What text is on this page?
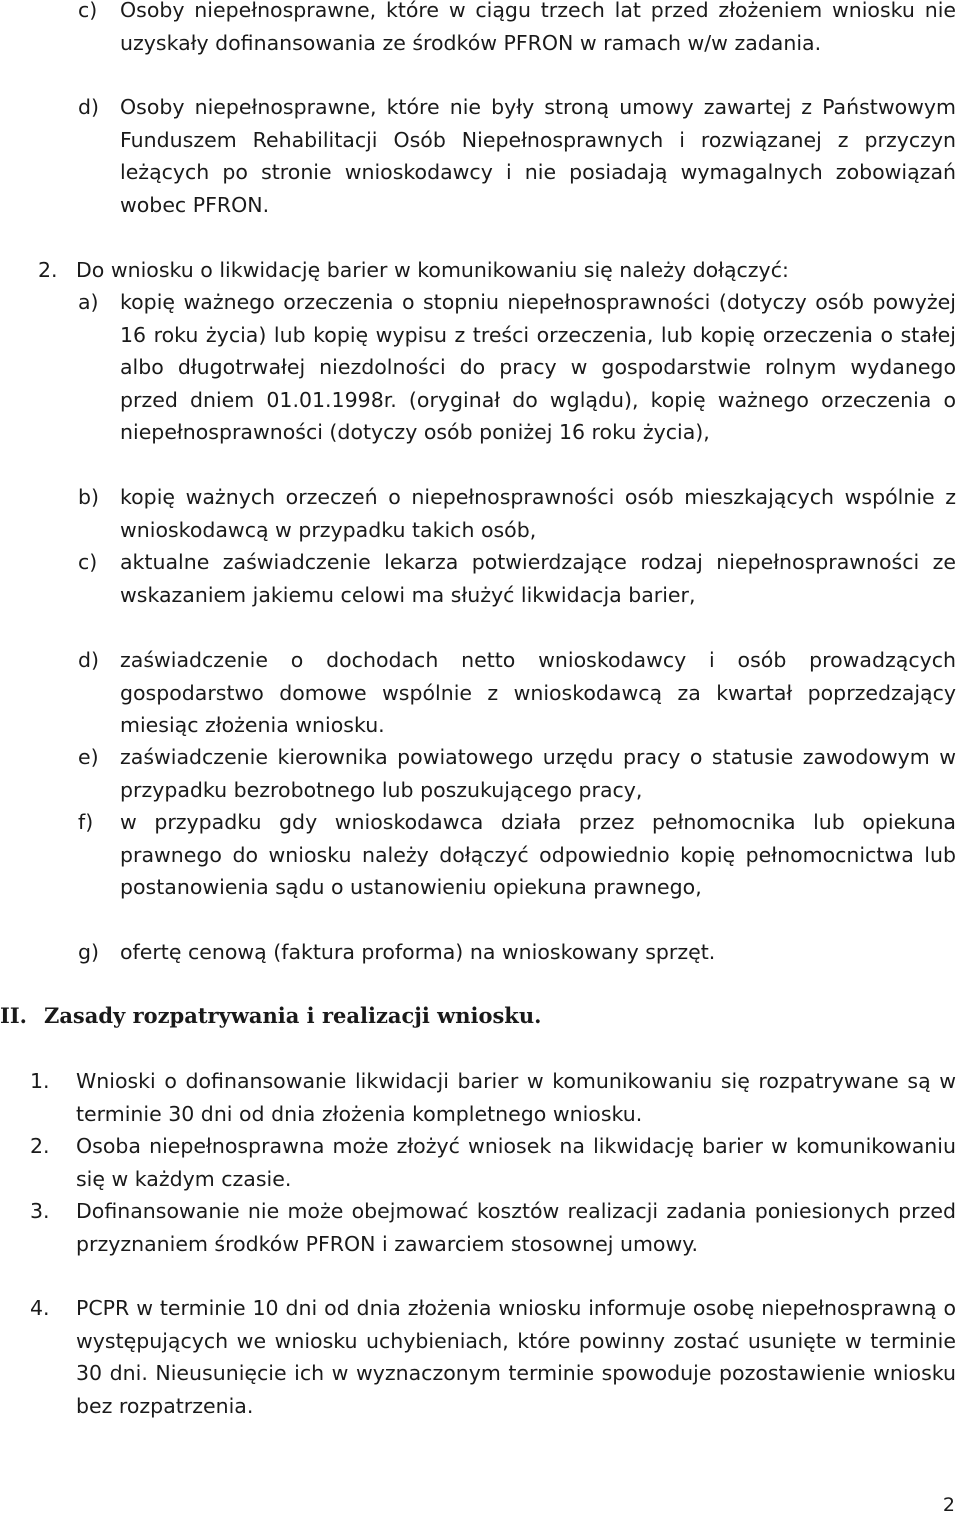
c) Osoby niepełnosprawne, które w ciągu trzech lat przed złożeniem wniosku nie uzyskały dofinansowania ze środków PFRON w ramach w/w zadania.
d) Osoby niepełnosprawne, które nie były stroną umowy zawartej z Państwowym Funduszem Rehabilitacji Osób Niepełnosprawnych i rozwiązanej z przyczyn leżących po stronie wnioskodawcy i nie posiadają wymagalnych zobowiązań wobec PFRON.
2. Do wniosku o likwidację barier w komunikowaniu się należy dołączyć:
a) kopię ważnego orzeczenia o stopniu niepełnosprawności (dotyczy osób powyżej 16 roku życia) lub kopię wypisu z treści orzeczenia, lub kopię orzeczenia o stałej albo długotrwałej niezdolności do pracy w gospodarstwie rolnym wydanego przed dniem 01.01.1998r. (oryginał do wglądu), kopię ważnego orzeczenia o niepełnosprawności (dotyczy osób poniżej 16 roku życia),
b) kopię ważnych orzeczeń o niepełnosprawności osób mieszkających wspólnie z wnioskodawcą w przypadku takich osób,
c) aktualne zaświadczenie lekarza potwierdzające rodzaj niepełnosprawności ze wskazaniem jakiemu celowi ma służyć likwidacja barier,
d) zaświadczenie o dochodach netto wnioskodawcy i osób prowadzących gospodarstwo domowe wspólnie z wnioskodawcą za kwartał poprzedzający miesiąc złożenia wniosku.
e) zaświadczenie kierownika powiatowego urzędu pracy o statusie zawodowym w przypadku bezrobotnego lub poszukującego pracy,
f) w przypadku gdy wnioskodawca działa przez pełnomocnika lub opiekuna prawnego do wniosku należy dołączyć odpowiednio kopię pełnomocnictwa lub postanowienia sądu o ustanowieniu opiekuna prawnego,
g) ofertę cenową (faktura proforma) na wnioskowany sprzęt.
II. Zasady rozpatrywania i realizacji wniosku.
1. Wnioski o dofinansowanie likwidacji barier w komunikowaniu się rozpatrywane są w terminie 30 dni od dnia złożenia kompletnego wniosku.
2. Osoba niepełnosprawna może złożyć wniosek na likwidację barier w komunikowaniu się w każdym czasie.
3. Dofinansowanie nie może obejmować kosztów realizacji zadania poniesionych przed przyznaniem środków PFRON i zawarciem stosownej umowy.
4. PCPR w terminie 10 dni od dnia złożenia wniosku informuje osobę niepełnosprawną o występujących we wniosku uchybieniach, które powinny zostać usunięte w terminie 30 dni. Nieusunięcie ich w wyznaczonym terminie spowoduje pozostawienie wniosku bez rozpatrzenia.
2
